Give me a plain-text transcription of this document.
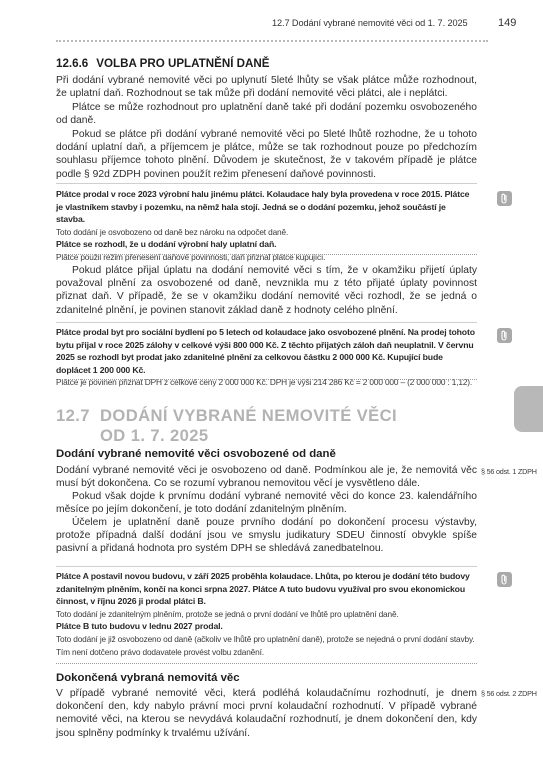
12.7 Dodání vybrané nemovité věci od 1. 7. 2025	149
12.6.6 VOLBA PRO UPLATNĚNÍ DANĚ
Při dodání vybrané nemovité věci po uplynutí 5leté lhůty se však plátce může rozhodnout, že uplatní daň. Rozhodnout se tak může při dodání nemovité věci plátci, ale i neplátci.
Plátce se může rozhodnout pro uplatnění daně také při dodání pozemku osvobozeného od daně.
Pokud se plátce při dodání vybrané nemovité věci po 5leté lhůtě rozhodne, že u tohoto dodání uplatní daň, a příjemcem je plátce, může se tak rozhodnout pouze po předchozím souhlasu příjemce tohoto plnění. Důvodem je skutečnost, že v takovém případě je plátce podle § 92d ZDPH povinen použít režim přenesení daňové povinnosti.
Plátce prodal v roce 2023 výrobní halu jinému plátci. Kolaudace haly byla provedena v roce 2015. Plátce je vlastníkem stavby i pozemku, na němž hala stojí. Jedná se o dodání pozemku, jehož součástí je stavba.
Toto dodání je osvobozeno od daně bez nároku na odpočet daně.
Plátce se rozhodl, že u dodání výrobní haly uplatní daň.
Plátce použil režim přenesení daňové povinnosti, daň přiznal plátce kupující.
Pokud plátce přijal úplatu na dodání nemovité věci s tím, že v okamžiku přijetí úplaty považoval plnění za osvobozené od daně, nevznikla mu z této přijaté úplaty povinnost přiznat daň. V případě, že se v okamžiku dodání nemovité věci rozhodl, že se jedná o zdanitelné plnění, je povinen stanovit základ daně z hodnoty celého plnění.
Plátce prodal byt pro sociální bydlení po 5 letech od kolaudace jako osvobozené plnění. Na prodej tohoto bytu přijal v roce 2025 zálohy v celkové výši 800 000 Kč. Z těchto přijatých záloh daň neuplatnil. V červnu 2025 se rozhodl byt prodat jako zdanitelné plnění za celkovou částku 2 000 000 Kč. Kupující bude doplácet 1 200 000 Kč.
Plátce je povinen přiznat DPH z celkové ceny 2 000 000 Kč. DPH je výši 214 286 Kč = 2 000 000 – (2 000 000 : 1,12).
12.7 DODÁNÍ VYBRANÉ NEMOVITÉ VĚCI
OD 1. 7. 2025
Dodání vybrané nemovité věci osvobozené od daně
§ 56 odst. 1 ZDPH
Dodání vybrané nemovité věci je osvobozeno od daně. Podmínkou ale je, že nemovitá věc musí být dokončena. Co se rozumí vybranou nemovitou věcí je vysvětleno dále.
Pokud však dojde k prvnímu dodání vybrané nemovité věci do konce 23. kalendářního měsíce po jejím dokončení, je toto dodání zdanitelným plněním.
Účelem je uplatnění daně pouze prvního dodání po dokončení procesu výstavby, protože případná další dodání jsou ve smyslu judikatury SDEU činností obvykle spíše pasivní a přidaná hodnota pro systém DPH se shledává zanedbatelnou.
Plátce A postavil novou budovu, v září 2025 proběhla kolaudace. Lhůta, po kterou je dodání této budovy zdanitelným plněním, končí na konci srpna 2027. Plátce A tuto budovu využíval pro svou ekonomickou činnost, v říjnu 2026 ji prodal plátci B.
Toto dodání je zdanitelným plněním, protože se jedná o první dodání ve lhůtě pro uplatnění daně.
Plátce B tuto budovu v lednu 2027 prodal.
Toto dodání je již osvobozeno od daně (ačkoliv ve lhůtě pro uplatnění daně), protože se nejedná o první dodání stavby. Tím není dotčeno právo dodavatele provést volbu zdanění.
Dokončená vybraná nemovitá věc
§ 56 odst. 2 ZDPH
V případě vybrané nemovité věci, která podléhá kolaudačnímu rozhodnutí, je dnem dokončení den, kdy nabylo právní moci první kolaudační rozhodnutí. V případě vybrané nemovité věci, na kterou se nevydává kolaudační rozhodnutí, je dnem dokončení den, kdy jsou splněny podmínky k trvalému užívání.
